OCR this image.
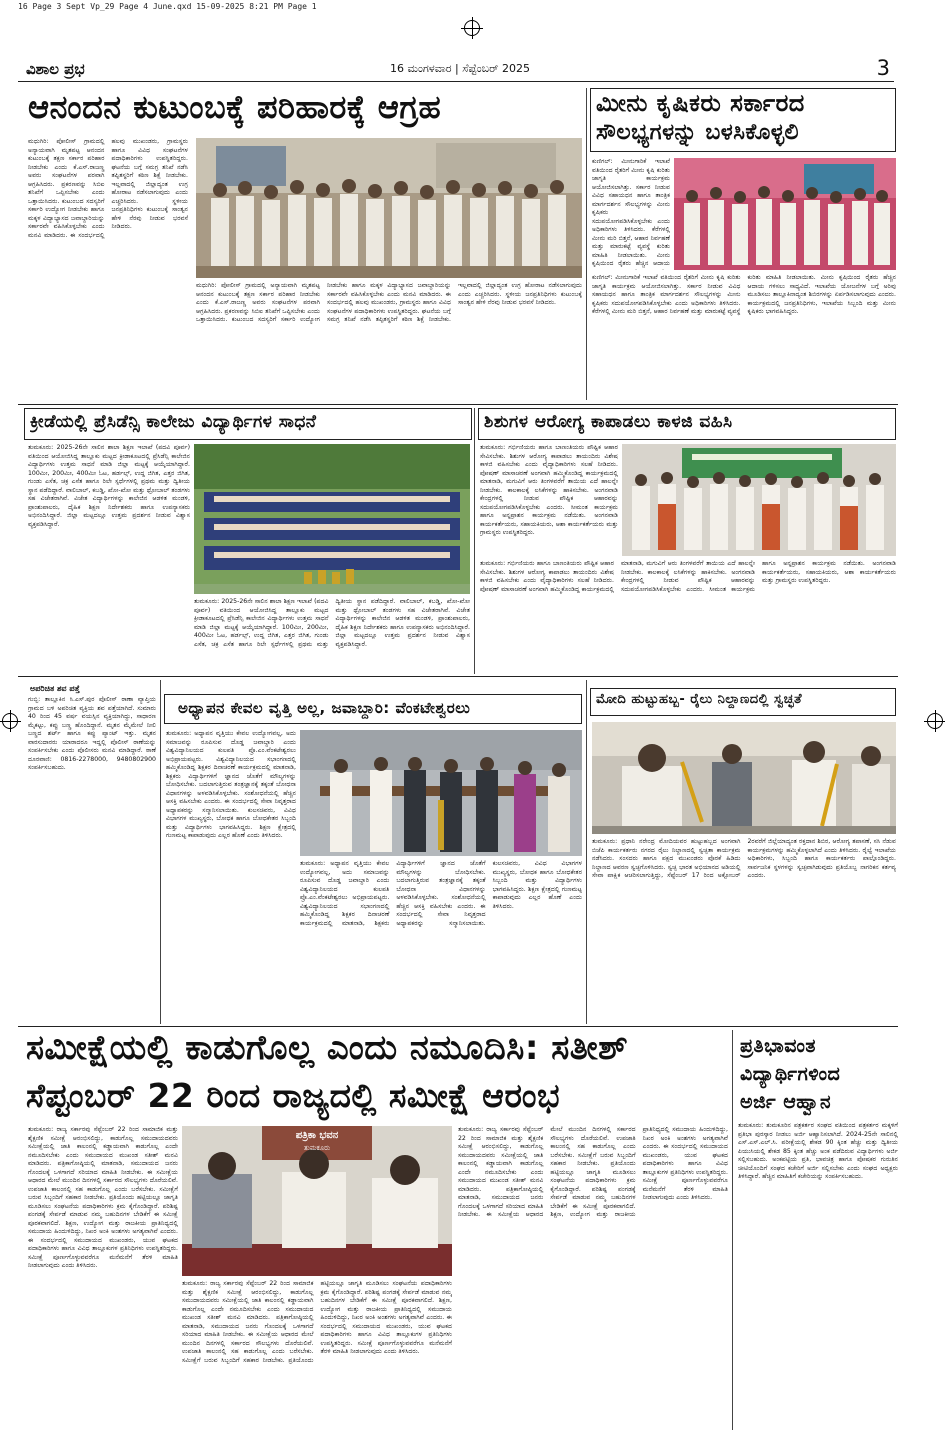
16 Page 3 Sept Vp_29 Page 4 June.qxd 15-09-2025 8:21 PM Page 1
ವಿಶಾಲ ಪ್ರಭ	16 ಮಂಗಳವಾರ | ಸೆಪ್ಟೆಂಬರ್ 2025	3
ಆನಂದನ ಕುಟುಂಬಕ್ಕೆ ಪರಿಹಾರಕ್ಕೆ ಆಗ್ರಹ
ಮಧುಗಿರಿ: ಪೋಲೀಸ್ ಗ್ರಾಮದಲ್ಲಿ ಅನ್ಯಾಯವಾಗಿ ಮೃತಪಟ್ಟ ಆನಂದನ ಕುಟುಂಬಕ್ಕೆ ತಕ್ಷಣ ಸರ್ಕಾರ ಪರಿಹಾರ ನೀಡಬೇಕು ಎಂದು ಕೆ.ಎಸ್.ರಾಜಣ್ಣ ಅವರು ಸಂಘಟನೆಗಳ ಪರವಾಗಿ ಆಗ್ರಹಿಸಿದರು. ಪ್ರಕರಣವನ್ನು ಸಿಬಿಐ ತನಿಖೆಗೆ ಒಪ್ಪಿಸಬೇಕು ಎಂದು ಒತ್ತಾಯಿಸಿದರು. ಕುಟುಂಬದ ಸದಸ್ಯರಿಗೆ ಸರ್ಕಾರಿ ಉದ್ಯೋಗ ನೀಡಬೇಕು ಹಾಗೂ ಮಕ್ಕಳ ವಿದ್ಯಾಭ್ಯಾಸದ ಜವಾಬ್ದಾರಿಯನ್ನು ಸರ್ಕಾರವೇ ವಹಿಸಿಕೊಳ್ಳಬೇಕು ಎಂದು ಮನವಿ ಮಾಡಿದರು. ಈ ಸಂದರ್ಭದಲ್ಲಿ ಹಲವು ಮುಖಂಡರು, ಗ್ರಾಮಸ್ಥರು ಹಾಗೂ ವಿವಿಧ ಸಂಘಟನೆಗಳ ಪದಾಧಿಕಾರಿಗಳು ಉಪಸ್ಥಿತರಿದ್ದರು. ಘಟನೆಯ ಬಗ್ಗೆ ಸಮಗ್ರ ತನಿಖೆ ನಡೆಸಿ ತಪ್ಪಿತಸ್ಥರಿಗೆ ಕಠಿಣ ಶಿಕ್ಷೆ ನೀಡಬೇಕು. ಇಲ್ಲವಾದಲ್ಲಿ ಜಿಲ್ಲಾದ್ಯಂತ ಉಗ್ರ ಹೋರಾಟ ನಡೆಸಲಾಗುವುದು ಎಂದು ಎಚ್ಚರಿಸಿದರು. ಸ್ಥಳೀಯ ಜನಪ್ರತಿನಿಧಿಗಳು ಕುಟುಂಬಕ್ಕೆ ಸಾಂತ್ವನ ಹೇಳಿ ನೆರವು ನೀಡುವ ಭರವಸೆ ನೀಡಿದರು.
ಮಧುಗಿರಿ: ಪೋಲೀಸ್ ಗ್ರಾಮದಲ್ಲಿ ಅನ್ಯಾಯವಾಗಿ ಮೃತಪಟ್ಟ ಆನಂದನ ಕುಟುಂಬಕ್ಕೆ ತಕ್ಷಣ ಸರ್ಕಾರ ಪರಿಹಾರ ನೀಡಬೇಕು ಎಂದು ಕೆ.ಎಸ್.ರಾಜಣ್ಣ ಅವರು ಸಂಘಟನೆಗಳ ಪರವಾಗಿ ಆಗ್ರಹಿಸಿದರು. ಪ್ರಕರಣವನ್ನು ಸಿಬಿಐ ತನಿಖೆಗೆ ಒಪ್ಪಿಸಬೇಕು ಎಂದು ಒತ್ತಾಯಿಸಿದರು. ಕುಟುಂಬದ ಸದಸ್ಯರಿಗೆ ಸರ್ಕಾರಿ ಉದ್ಯೋಗ ನೀಡಬೇಕು ಹಾಗೂ ಮಕ್ಕಳ ವಿದ್ಯಾಭ್ಯಾಸದ ಜವಾಬ್ದಾರಿಯನ್ನು ಸರ್ಕಾರವೇ ವಹಿಸಿಕೊಳ್ಳಬೇಕು ಎಂದು ಮನವಿ ಮಾಡಿದರು. ಈ ಸಂದರ್ಭದಲ್ಲಿ ಹಲವು ಮುಖಂಡರು, ಗ್ರಾಮಸ್ಥರು ಹಾಗೂ ವಿವಿಧ ಸಂಘಟನೆಗಳ ಪದಾಧಿಕಾರಿಗಳು ಉಪಸ್ಥಿತರಿದ್ದರು. ಘಟನೆಯ ಬಗ್ಗೆ ಸಮಗ್ರ ತನಿಖೆ ನಡೆಸಿ ತಪ್ಪಿತಸ್ಥರಿಗೆ ಕಠಿಣ ಶಿಕ್ಷೆ ನೀಡಬೇಕು. ಇಲ್ಲವಾದಲ್ಲಿ ಜಿಲ್ಲಾದ್ಯಂತ ಉಗ್ರ ಹೋರಾಟ ನಡೆಸಲಾಗುವುದು ಎಂದು ಎಚ್ಚರಿಸಿದರು. ಸ್ಥಳೀಯ ಜನಪ್ರತಿನಿಧಿಗಳು ಕುಟುಂಬಕ್ಕೆ ಸಾಂತ್ವನ ಹೇಳಿ ನೆರವು ನೀಡುವ ಭರವಸೆ ನೀಡಿದರು.
ಮೀನು ಕೃಷಿಕರು ಸರ್ಕಾರದ
ಸೌಲಭ್ಯಗಳನ್ನು ಬಳಸಿಕೊಳ್ಳಲಿ
ಕುಣಿಗಲ್: ಮೀನುಗಾರಿಕೆ ಇಲಾಖೆ ವತಿಯಿಂದ ರೈತರಿಗೆ ಮೀನು ಕೃಷಿ ಕುರಿತು ಜಾಗೃತಿ ಕಾರ್ಯಕ್ರಮ ಆಯೋಜಿಸಲಾಗಿತ್ತು. ಸರ್ಕಾರ ನೀಡುವ ವಿವಿಧ ಸಹಾಯಧನ ಹಾಗೂ ತಾಂತ್ರಿಕ ಮಾರ್ಗದರ್ಶನ ಸೌಲಭ್ಯಗಳನ್ನು ಮೀನು ಕೃಷಿಕರು ಸದುಪಯೋಗಪಡಿಸಿಕೊಳ್ಳಬೇಕು ಎಂದು ಅಧಿಕಾರಿಗಳು ತಿಳಿಸಿದರು. ಕೆರೆಗಳಲ್ಲಿ ಮೀನು ಮರಿ ಬಿತ್ತನೆ, ಆಹಾರ ನಿರ್ವಹಣೆ ಮತ್ತು ಮಾರುಕಟ್ಟೆ ವ್ಯವಸ್ಥೆ ಕುರಿತು ಮಾಹಿತಿ ನೀಡಲಾಯಿತು. ಮೀನು ಕೃಷಿಯಿಂದ ರೈತರು ಹೆಚ್ಚಿನ ಆದಾಯ
ಕುಣಿಗಲ್: ಮೀನುಗಾರಿಕೆ ಇಲಾಖೆ ವತಿಯಿಂದ ರೈತರಿಗೆ ಮೀನು ಕೃಷಿ ಕುರಿತು ಜಾಗೃತಿ ಕಾರ್ಯಕ್ರಮ ಆಯೋಜಿಸಲಾಗಿತ್ತು. ಸರ್ಕಾರ ನೀಡುವ ವಿವಿಧ ಸಹಾಯಧನ ಹಾಗೂ ತಾಂತ್ರಿಕ ಮಾರ್ಗದರ್ಶನ ಸೌಲಭ್ಯಗಳನ್ನು ಮೀನು ಕೃಷಿಕರು ಸದುಪಯೋಗಪಡಿಸಿಕೊಳ್ಳಬೇಕು ಎಂದು ಅಧಿಕಾರಿಗಳು ತಿಳಿಸಿದರು. ಕೆರೆಗಳಲ್ಲಿ ಮೀನು ಮರಿ ಬಿತ್ತನೆ, ಆಹಾರ ನಿರ್ವಹಣೆ ಮತ್ತು ಮಾರುಕಟ್ಟೆ ವ್ಯವಸ್ಥೆ ಕುರಿತು ಮಾಹಿತಿ ನೀಡಲಾಯಿತು. ಮೀನು ಕೃಷಿಯಿಂದ ರೈತರು ಹೆಚ್ಚಿನ ಆದಾಯ ಗಳಿಸಲು ಸಾಧ್ಯವಿದೆ. ಇಲಾಖೆಯ ಯೋಜನೆಗಳ ಬಗ್ಗೆ ಅರಿವು ಮೂಡಿಸಲು ತಾಲ್ಲೂಕಿನಾದ್ಯಂತ ಶಿಬಿರಗಳನ್ನು ಏರ್ಪಡಿಸಲಾಗುವುದು ಎಂದರು. ಕಾರ್ಯಕ್ರಮದಲ್ಲಿ ಜನಪ್ರತಿನಿಧಿಗಳು, ಇಲಾಖೆಯ ಸಿಬ್ಬಂದಿ ಮತ್ತು ಮೀನು ಕೃಷಿಕರು ಭಾಗವಹಿಸಿದ್ದರು.
ಕ್ರೀಡೆಯಲ್ಲಿ ಪ್ರೆಸಿಡೆನ್ಸಿ ಕಾಲೇಜು ವಿದ್ಯಾರ್ಥಿಗಳ ಸಾಧನೆ
ತುಮಕೂರು: 2025-26ನೇ ಸಾಲಿನ ಶಾಲಾ ಶಿಕ್ಷಣ ಇಲಾಖೆ (ಪದವಿ ಪೂರ್ವ) ವತಿಯಿಂದ ಆಯೋಜಿಸಿದ್ದ ತಾಲ್ಲೂಕು ಮಟ್ಟದ ಕ್ರೀಡಾಕೂಟದಲ್ಲಿ ಪ್ರೆಸಿಡೆನ್ಸಿ ಕಾಲೇಜಿನ ವಿದ್ಯಾರ್ಥಿಗಳು ಉತ್ತಮ ಸಾಧನೆ ಮಾಡಿ ಜಿಲ್ಲಾ ಮಟ್ಟಕ್ಕೆ ಆಯ್ಕೆಯಾಗಿದ್ದಾರೆ. 100ಮೀ, 200ಮೀ, 400ಮೀ ಓಟ, ಹರ್ಡಲ್ಸ್, ಉದ್ದ ಜಿಗಿತ, ಎತ್ತರ ಜಿಗಿತ, ಗುಂಡು ಎಸೆತ, ಚಕ್ರ ಎಸೆತ ಹಾಗೂ ರಿಲೇ ಸ್ಪರ್ಧೆಗಳಲ್ಲಿ ಪ್ರಥಮ ಮತ್ತು ದ್ವಿತೀಯ ಸ್ಥಾನ ಪಡೆದಿದ್ದಾರೆ. ವಾಲಿಬಾಲ್, ಕಬಡ್ಡಿ, ಖೋ-ಖೋ ಮತ್ತು ಥ್ರೋಬಾಲ್ ತಂಡಗಳು ಸಹ ವಿಜೇತರಾಗಿವೆ. ವಿಜೇತ ವಿದ್ಯಾರ್ಥಿಗಳನ್ನು ಕಾಲೇಜಿನ ಆಡಳಿತ ಮಂಡಳಿ, ಪ್ರಾಂಶುಪಾಲರು, ದೈಹಿಕ ಶಿಕ್ಷಣ ನಿರ್ದೇಶಕರು ಹಾಗೂ ಉಪನ್ಯಾಸಕರು ಅಭಿನಂದಿಸಿದ್ದಾರೆ. ಜಿಲ್ಲಾ ಮಟ್ಟದಲ್ಲೂ ಉತ್ತಮ ಪ್ರದರ್ಶನ ನೀಡುವ ವಿಶ್ವಾಸ ವ್ಯಕ್ತಪಡಿಸಿದ್ದಾರೆ.
ತುಮಕೂರು: 2025-26ನೇ ಸಾಲಿನ ಶಾಲಾ ಶಿಕ್ಷಣ ಇಲಾಖೆ (ಪದವಿ ಪೂರ್ವ) ವತಿಯಿಂದ ಆಯೋಜಿಸಿದ್ದ ತಾಲ್ಲೂಕು ಮಟ್ಟದ ಕ್ರೀಡಾಕೂಟದಲ್ಲಿ ಪ್ರೆಸಿಡೆನ್ಸಿ ಕಾಲೇಜಿನ ವಿದ್ಯಾರ್ಥಿಗಳು ಉತ್ತಮ ಸಾಧನೆ ಮಾಡಿ ಜಿಲ್ಲಾ ಮಟ್ಟಕ್ಕೆ ಆಯ್ಕೆಯಾಗಿದ್ದಾರೆ. 100ಮೀ, 200ಮೀ, 400ಮೀ ಓಟ, ಹರ್ಡಲ್ಸ್, ಉದ್ದ ಜಿಗಿತ, ಎತ್ತರ ಜಿಗಿತ, ಗುಂಡು ಎಸೆತ, ಚಕ್ರ ಎಸೆತ ಹಾಗೂ ರಿಲೇ ಸ್ಪರ್ಧೆಗಳಲ್ಲಿ ಪ್ರಥಮ ಮತ್ತು ದ್ವಿತೀಯ ಸ್ಥಾನ ಪಡೆದಿದ್ದಾರೆ. ವಾಲಿಬಾಲ್, ಕಬಡ್ಡಿ, ಖೋ-ಖೋ ಮತ್ತು ಥ್ರೋಬಾಲ್ ತಂಡಗಳು ಸಹ ವಿಜೇತರಾಗಿವೆ. ವಿಜೇತ ವಿದ್ಯಾರ್ಥಿಗಳನ್ನು ಕಾಲೇಜಿನ ಆಡಳಿತ ಮಂಡಳಿ, ಪ್ರಾಂಶುಪಾಲರು, ದೈಹಿಕ ಶಿಕ್ಷಣ ನಿರ್ದೇಶಕರು ಹಾಗೂ ಉಪನ್ಯಾಸಕರು ಅಭಿನಂದಿಸಿದ್ದಾರೆ. ಜಿಲ್ಲಾ ಮಟ್ಟದಲ್ಲೂ ಉತ್ತಮ ಪ್ರದರ್ಶನ ನೀಡುವ ವಿಶ್ವಾಸ ವ್ಯಕ್ತಪಡಿಸಿದ್ದಾರೆ.
ಶಿಶುಗಳ ಆರೋಗ್ಯ ಕಾಪಾಡಲು ಕಾಳಜಿ ವಹಿಸಿ
ತುಮಕೂರು: ಗರ್ಭಿಣಿಯರು ಹಾಗೂ ಬಾಣಂತಿಯರು ಪೌಷ್ಟಿಕ ಆಹಾರ ಸೇವಿಸಬೇಕು. ಶಿಶುಗಳ ಆರೋಗ್ಯ ಕಾಪಾಡಲು ತಾಯಂದಿರು ವಿಶೇಷ ಕಾಳಜಿ ವಹಿಸಬೇಕು ಎಂದು ವೈದ್ಯಾಧಿಕಾರಿಗಳು ಸಲಹೆ ನೀಡಿದರು. ಪೋಷಣ್ ಮಾಸಾಚರಣೆ ಅಂಗವಾಗಿ ಹಮ್ಮಿಕೊಂಡಿದ್ದ ಕಾರ್ಯಕ್ರಮದಲ್ಲಿ ಮಾತನಾಡಿ, ಮಗುವಿಗೆ ಆರು ತಿಂಗಳವರೆಗೆ ತಾಯಿಯ ಎದೆ ಹಾಲನ್ನೇ ನೀಡಬೇಕು. ಕಾಲಕಾಲಕ್ಕೆ ಲಸಿಕೆಗಳನ್ನು ಹಾಕಿಸಬೇಕು. ಅಂಗನವಾಡಿ ಕೇಂದ್ರಗಳಲ್ಲಿ ನೀಡುವ ಪೌಷ್ಟಿಕ ಆಹಾರವನ್ನು ಸದುಪಯೋಗಪಡಿಸಿಕೊಳ್ಳಬೇಕು ಎಂದರು. ಸೀಮಂತ ಕಾರ್ಯಕ್ರಮ ಹಾಗೂ ಅನ್ನಪ್ರಾಶನ ಕಾರ್ಯಕ್ರಮ ನಡೆಯಿತು. ಅಂಗನವಾಡಿ ಕಾರ್ಯಕರ್ತೆಯರು, ಸಹಾಯಕಿಯರು, ಆಶಾ ಕಾರ್ಯಕರ್ತೆಯರು ಮತ್ತು ಗ್ರಾಮಸ್ಥರು ಉಪಸ್ಥಿತರಿದ್ದರು.
ತುಮಕೂರು: ಗರ್ಭಿಣಿಯರು ಹಾಗೂ ಬಾಣಂತಿಯರು ಪೌಷ್ಟಿಕ ಆಹಾರ ಸೇವಿಸಬೇಕು. ಶಿಶುಗಳ ಆರೋಗ್ಯ ಕಾಪಾಡಲು ತಾಯಂದಿರು ವಿಶೇಷ ಕಾಳಜಿ ವಹಿಸಬೇಕು ಎಂದು ವೈದ್ಯಾಧಿಕಾರಿಗಳು ಸಲಹೆ ನೀಡಿದರು. ಪೋಷಣ್ ಮಾಸಾಚರಣೆ ಅಂಗವಾಗಿ ಹಮ್ಮಿಕೊಂಡಿದ್ದ ಕಾರ್ಯಕ್ರಮದಲ್ಲಿ ಮಾತನಾಡಿ, ಮಗುವಿಗೆ ಆರು ತಿಂಗಳವರೆಗೆ ತಾಯಿಯ ಎದೆ ಹಾಲನ್ನೇ ನೀಡಬೇಕು. ಕಾಲಕಾಲಕ್ಕೆ ಲಸಿಕೆಗಳನ್ನು ಹಾಕಿಸಬೇಕು. ಅಂಗನವಾಡಿ ಕೇಂದ್ರಗಳಲ್ಲಿ ನೀಡುವ ಪೌಷ್ಟಿಕ ಆಹಾರವನ್ನು ಸದುಪಯೋಗಪಡಿಸಿಕೊಳ್ಳಬೇಕು ಎಂದರು. ಸೀಮಂತ ಕಾರ್ಯಕ್ರಮ ಹಾಗೂ ಅನ್ನಪ್ರಾಶನ ಕಾರ್ಯಕ್ರಮ ನಡೆಯಿತು. ಅಂಗನವಾಡಿ ಕಾರ್ಯಕರ್ತೆಯರು, ಸಹಾಯಕಿಯರು, ಆಶಾ ಕಾರ್ಯಕರ್ತೆಯರು ಮತ್ತು ಗ್ರಾಮಸ್ಥರು ಉಪಸ್ಥಿತರಿದ್ದರು.
ಅಪರಿಚಿತ ಶವ ಪತ್ತೆ
ಗುಬ್ಬಿ: ತಾಲ್ಲೂಕಿನ ಸಿ.ಎಸ್.ಪುರ ಪೊಲೀಸ್ ಠಾಣಾ ವ್ಯಾಪ್ತಿಯ ಗ್ರಾಮದ ಬಳಿ ಅಪರಿಚಿತ ವ್ಯಕ್ತಿಯ ಶವ ಪತ್ತೆಯಾಗಿದೆ. ಸುಮಾರು 40 ರಿಂದ 45 ವರ್ಷ ವಯಸ್ಸಿನ ವ್ಯಕ್ತಿಯಾಗಿದ್ದು, ಸಾಧಾರಣ ಮೈಕಟ್ಟು, ಕಪ್ಪು ಬಣ್ಣ ಹೊಂದಿದ್ದಾನೆ. ಮೃತನ ಮೈಮೇಲೆ ನೀಲಿ ಬಣ್ಣದ ಶರ್ಟ್ ಹಾಗೂ ಕಪ್ಪು ಪ್ಯಾಂಟ್ ಇತ್ತು. ಮೃತನ ವಾರಸುದಾರರು ಯಾರಾದರೂ ಇದ್ದಲ್ಲಿ ಪೊಲೀಸ್ ಠಾಣೆಯನ್ನು ಸಂಪರ್ಕಿಸಬೇಕು ಎಂದು ಪೊಲೀಸರು ಮನವಿ ಮಾಡಿದ್ದಾರೆ. ಠಾಣೆ ದೂರವಾಣಿ: 0816-2278000, 9480802900 ಸಂಪರ್ಕಿಸಬಹುದು.
ಅಧ್ಯಾಪನ ಕೇವಲ ವೃತ್ತಿ ಅಲ್ಲ, ಜವಾಬ್ದಾರಿ: ವೆಂಕಟೇಶ್ವರಲು
ತುಮಕೂರು: ಅಧ್ಯಾಪನ ವೃತ್ತಿಯು ಕೇವಲ ಉದ್ಯೋಗವಲ್ಲ, ಅದು ಸಮಾಜವನ್ನು ರೂಪಿಸುವ ದೊಡ್ಡ ಜವಾಬ್ದಾರಿ ಎಂದು ವಿಶ್ವವಿದ್ಯಾನಿಲಯದ ಕುಲಪತಿ ಪ್ರೊ.ಎಂ.ವೆಂಕಟೇಶ್ವರಲು ಅಭಿಪ್ರಾಯಪಟ್ಟರು. ವಿಶ್ವವಿದ್ಯಾನಿಲಯದ ಸಭಾಂಗಣದಲ್ಲಿ ಹಮ್ಮಿಕೊಂಡಿದ್ದ ಶಿಕ್ಷಕರ ದಿನಾಚರಣೆ ಕಾರ್ಯಕ್ರಮದಲ್ಲಿ ಮಾತನಾಡಿ, ಶಿಕ್ಷಕರು ವಿದ್ಯಾರ್ಥಿಗಳಿಗೆ ಜ್ಞಾನದ ಜೊತೆಗೆ ಮೌಲ್ಯಗಳನ್ನು ಬೋಧಿಸಬೇಕು. ಬದಲಾಗುತ್ತಿರುವ ತಂತ್ರಜ್ಞಾನಕ್ಕೆ ತಕ್ಕಂತೆ ಬೋಧನಾ ವಿಧಾನಗಳನ್ನು ಅಳವಡಿಸಿಕೊಳ್ಳಬೇಕು. ಸಂಶೋಧನೆಯಲ್ಲಿ ಹೆಚ್ಚಿನ ಆಸಕ್ತಿ ವಹಿಸಬೇಕು ಎಂದರು. ಈ ಸಂದರ್ಭದಲ್ಲಿ ಸೇವಾ ನಿವೃತ್ತರಾದ ಅಧ್ಯಾಪಕರನ್ನು ಸನ್ಮಾನಿಸಲಾಯಿತು. ಕುಲಸಚಿವರು, ವಿವಿಧ ವಿಭಾಗಗಳ ಮುಖ್ಯಸ್ಥರು, ಬೋಧಕ ಹಾಗೂ ಬೋಧಕೇತರ ಸಿಬ್ಬಂದಿ ಮತ್ತು ವಿದ್ಯಾರ್ಥಿಗಳು ಭಾಗವಹಿಸಿದ್ದರು. ಶಿಕ್ಷಣ ಕ್ಷೇತ್ರದಲ್ಲಿ ಗುಣಮಟ್ಟ ಕಾಪಾಡುವುದು ಎಲ್ಲರ ಹೊಣೆ ಎಂದು ತಿಳಿಸಿದರು.
ತುಮಕೂರು: ಅಧ್ಯಾಪನ ವೃತ್ತಿಯು ಕೇವಲ ಉದ್ಯೋಗವಲ್ಲ, ಅದು ಸಮಾಜವನ್ನು ರೂಪಿಸುವ ದೊಡ್ಡ ಜವಾಬ್ದಾರಿ ಎಂದು ವಿಶ್ವವಿದ್ಯಾನಿಲಯದ ಕುಲಪತಿ ಪ್ರೊ.ಎಂ.ವೆಂಕಟೇಶ್ವರಲು ಅಭಿಪ್ರಾಯಪಟ್ಟರು. ವಿಶ್ವವಿದ್ಯಾನಿಲಯದ ಸಭಾಂಗಣದಲ್ಲಿ ಹಮ್ಮಿಕೊಂಡಿದ್ದ ಶಿಕ್ಷಕರ ದಿನಾಚರಣೆ ಕಾರ್ಯಕ್ರಮದಲ್ಲಿ ಮಾತನಾಡಿ, ಶಿಕ್ಷಕರು ವಿದ್ಯಾರ್ಥಿಗಳಿಗೆ ಜ್ಞಾನದ ಜೊತೆಗೆ ಮೌಲ್ಯಗಳನ್ನು ಬೋಧಿಸಬೇಕು. ಬದಲಾಗುತ್ತಿರುವ ತಂತ್ರಜ್ಞಾನಕ್ಕೆ ತಕ್ಕಂತೆ ಬೋಧನಾ ವಿಧಾನಗಳನ್ನು ಅಳವಡಿಸಿಕೊಳ್ಳಬೇಕು. ಸಂಶೋಧನೆಯಲ್ಲಿ ಹೆಚ್ಚಿನ ಆಸಕ್ತಿ ವಹಿಸಬೇಕು ಎಂದರು. ಈ ಸಂದರ್ಭದಲ್ಲಿ ಸೇವಾ ನಿವೃತ್ತರಾದ ಅಧ್ಯಾಪಕರನ್ನು ಸನ್ಮಾನಿಸಲಾಯಿತು. ಕುಲಸಚಿವರು, ವಿವಿಧ ವಿಭಾಗಗಳ ಮುಖ್ಯಸ್ಥರು, ಬೋಧಕ ಹಾಗೂ ಬೋಧಕೇತರ ಸಿಬ್ಬಂದಿ ಮತ್ತು ವಿದ್ಯಾರ್ಥಿಗಳು ಭಾಗವಹಿಸಿದ್ದರು. ಶಿಕ್ಷಣ ಕ್ಷೇತ್ರದಲ್ಲಿ ಗುಣಮಟ್ಟ ಕಾಪಾಡುವುದು ಎಲ್ಲರ ಹೊಣೆ ಎಂದು ತಿಳಿಸಿದರು.
ಮೋದಿ ಹುಟ್ಟುಹಬ್ಬ- ರೈಲು ನಿಲ್ದಾಣದಲ್ಲಿ ಸ್ವಚ್ಛತೆ
ತುಮಕೂರು: ಪ್ರಧಾನಿ ನರೇಂದ್ರ ಮೋದಿಯವರ ಹುಟ್ಟುಹಬ್ಬದ ಅಂಗವಾಗಿ ಬಿಜೆಪಿ ಕಾರ್ಯಕರ್ತರು ನಗರದ ರೈಲು ನಿಲ್ದಾಣದಲ್ಲಿ ಸ್ವಚ್ಛತಾ ಕಾರ್ಯಕ್ರಮ ನಡೆಸಿದರು. ಸಂಸದರು ಹಾಗೂ ಪಕ್ಷದ ಮುಖಂಡರು ಪೊರಕೆ ಹಿಡಿದು ನಿಲ್ದಾಣದ ಆವರಣ ಸ್ವಚ್ಛಗೊಳಿಸಿದರು. ಸ್ವಚ್ಛ ಭಾರತ ಅಭಿಯಾನದ ಅಡಿಯಲ್ಲಿ ಸೇವಾ ಪಾಕ್ಷಿಕ ಆಚರಿಸಲಾಗುತ್ತಿದ್ದು, ಸೆಪ್ಟೆಂಬರ್ 17 ರಿಂದ ಅಕ್ಟೋಬರ್ 2ರವರೆಗೆ ಜಿಲ್ಲೆಯಾದ್ಯಂತ ರಕ್ತದಾನ ಶಿಬಿರ, ಆರೋಗ್ಯ ತಪಾಸಣೆ, ಸಸಿ ನೆಡುವ ಕಾರ್ಯಕ್ರಮಗಳನ್ನು ಹಮ್ಮಿಕೊಳ್ಳಲಾಗಿದೆ ಎಂದು ತಿಳಿಸಿದರು. ರೈಲ್ವೆ ಇಲಾಖೆಯ ಅಧಿಕಾರಿಗಳು, ಸಿಬ್ಬಂದಿ ಹಾಗೂ ಕಾರ್ಯಕರ್ತರು ಪಾಲ್ಗೊಂಡಿದ್ದರು. ಸಾರ್ವಜನಿಕ ಸ್ಥಳಗಳನ್ನು ಸ್ವಚ್ಛವಾಗಿಡುವುದು ಪ್ರತಿಯೊಬ್ಬ ನಾಗರಿಕನ ಕರ್ತವ್ಯ ಎಂದರು.
ಸಮೀಕ್ಷೆಯಲ್ಲಿ ಕಾಡುಗೊಲ್ಲ ಎಂದು ನಮೂದಿಸಿ: ಸತೀಶ್
ಸೆಪ್ಟಂಬರ್ 22 ರಿಂದ ರಾಜ್ಯದಲ್ಲಿ ಸಮೀಕ್ಷೆ ಆರಂಭ
ತುಮಕೂರು: ರಾಜ್ಯ ಸರ್ಕಾರವು ಸೆಪ್ಟೆಂಬರ್ 22 ರಿಂದ ಸಾಮಾಜಿಕ ಮತ್ತು ಶೈಕ್ಷಣಿಕ ಸಮೀಕ್ಷೆ ಆರಂಭಿಸಲಿದ್ದು, ಕಾಡುಗೊಲ್ಲ ಸಮುದಾಯದವರು ಸಮೀಕ್ಷೆಯಲ್ಲಿ ಜಾತಿ ಕಾಲಂನಲ್ಲಿ ಕಡ್ಡಾಯವಾಗಿ ಕಾಡುಗೊಲ್ಲ ಎಂದೇ ನಮೂದಿಸಬೇಕು ಎಂದು ಸಮುದಾಯದ ಮುಖಂಡ ಸತೀಶ್ ಮನವಿ ಮಾಡಿದರು. ಪತ್ರಿಕಾಗೋಷ್ಠಿಯಲ್ಲಿ ಮಾತನಾಡಿ, ಸಮುದಾಯದ ಜನರು ಗೊಂದಲಕ್ಕೆ ಒಳಗಾಗದೆ ಸರಿಯಾದ ಮಾಹಿತಿ ನೀಡಬೇಕು. ಈ ಸಮೀಕ್ಷೆಯ ಆಧಾರದ ಮೇಲೆ ಮುಂದಿನ ದಿನಗಳಲ್ಲಿ ಸರ್ಕಾರದ ಸೌಲಭ್ಯಗಳು ದೊರೆಯಲಿವೆ. ಉಪಜಾತಿ ಕಾಲಂನಲ್ಲಿ ಸಹ ಕಾಡುಗೊಲ್ಲ ಎಂದು ಬರೆಸಬೇಕು. ಸಮೀಕ್ಷೆಗೆ ಬರುವ ಸಿಬ್ಬಂದಿಗೆ ಸಹಕಾರ ನೀಡಬೇಕು. ಪ್ರತಿಯೊಂದು ಹಟ್ಟಿಯಲ್ಲೂ ಜಾಗೃತಿ ಮೂಡಿಸಲು ಸಂಘಟನೆಯ ಪದಾಧಿಕಾರಿಗಳು ಕ್ರಮ ಕೈಗೊಂಡಿದ್ದಾರೆ. ಪರಿಶಿಷ್ಟ ಪಂಗಡಕ್ಕೆ ಸೇರ್ಪಡೆ ಮಾಡುವ ನಮ್ಮ ಬಹುದಿನಗಳ ಬೇಡಿಕೆಗೆ ಈ ಸಮೀಕ್ಷೆ ಪೂರಕವಾಗಲಿದೆ. ಶಿಕ್ಷಣ, ಉದ್ಯೋಗ ಮತ್ತು ರಾಜಕೀಯ ಪ್ರಾತಿನಿಧ್ಯದಲ್ಲಿ ಸಮುದಾಯ ಹಿಂದುಳಿದಿದ್ದು, ನಿಖರ ಅಂಕಿ ಅಂಶಗಳು ಅಗತ್ಯವಾಗಿವೆ ಎಂದರು. ಈ ಸಂದರ್ಭದಲ್ಲಿ ಸಮುದಾಯದ ಮುಖಂಡರು, ಯುವ ಘಟಕದ ಪದಾಧಿಕಾರಿಗಳು ಹಾಗೂ ವಿವಿಧ ತಾಲ್ಲೂಕುಗಳ ಪ್ರತಿನಿಧಿಗಳು ಉಪಸ್ಥಿತರಿದ್ದರು. ಸಮೀಕ್ಷೆ ಪೂರ್ಣಗೊಳ್ಳುವವರೆಗೂ ಮನೆಮನೆಗೆ ತೆರಳಿ ಮಾಹಿತಿ ನೀಡಲಾಗುವುದು ಎಂದು ತಿಳಿಸಿದರು.
ಪತ್ರಿಕಾ ಭವನ
ತುಮಕೂರು
ತುಮಕೂರು: ರಾಜ್ಯ ಸರ್ಕಾರವು ಸೆಪ್ಟೆಂಬರ್ 22 ರಿಂದ ಸಾಮಾಜಿಕ ಮತ್ತು ಶೈಕ್ಷಣಿಕ ಸಮೀಕ್ಷೆ ಆರಂಭಿಸಲಿದ್ದು, ಕಾಡುಗೊಲ್ಲ ಸಮುದಾಯದವರು ಸಮೀಕ್ಷೆಯಲ್ಲಿ ಜಾತಿ ಕಾಲಂನಲ್ಲಿ ಕಡ್ಡಾಯವಾಗಿ ಕಾಡುಗೊಲ್ಲ ಎಂದೇ ನಮೂದಿಸಬೇಕು ಎಂದು ಸಮುದಾಯದ ಮುಖಂಡ ಸತೀಶ್ ಮನವಿ ಮಾಡಿದರು. ಪತ್ರಿಕಾಗೋಷ್ಠಿಯಲ್ಲಿ ಮಾತನಾಡಿ, ಸಮುದಾಯದ ಜನರು ಗೊಂದಲಕ್ಕೆ ಒಳಗಾಗದೆ ಸರಿಯಾದ ಮಾಹಿತಿ ನೀಡಬೇಕು. ಈ ಸಮೀಕ್ಷೆಯ ಆಧಾರದ ಮೇಲೆ ಮುಂದಿನ ದಿನಗಳಲ್ಲಿ ಸರ್ಕಾರದ ಸೌಲಭ್ಯಗಳು ದೊರೆಯಲಿವೆ. ಉಪಜಾತಿ ಕಾಲಂನಲ್ಲಿ ಸಹ ಕಾಡುಗೊಲ್ಲ ಎಂದು ಬರೆಸಬೇಕು. ಸಮೀಕ್ಷೆಗೆ ಬರುವ ಸಿಬ್ಬಂದಿಗೆ ಸಹಕಾರ ನೀಡಬೇಕು. ಪ್ರತಿಯೊಂದು ಹಟ್ಟಿಯಲ್ಲೂ ಜಾಗೃತಿ ಮೂಡಿಸಲು ಸಂಘಟನೆಯ ಪದಾಧಿಕಾರಿಗಳು ಕ್ರಮ ಕೈಗೊಂಡಿದ್ದಾರೆ. ಪರಿಶಿಷ್ಟ ಪಂಗಡಕ್ಕೆ ಸೇರ್ಪಡೆ ಮಾಡುವ ನಮ್ಮ ಬಹುದಿನಗಳ ಬೇಡಿಕೆಗೆ ಈ ಸಮೀಕ್ಷೆ ಪೂರಕವಾಗಲಿದೆ. ಶಿಕ್ಷಣ, ಉದ್ಯೋಗ ಮತ್ತು ರಾಜಕೀಯ ಪ್ರಾತಿನಿಧ್ಯದಲ್ಲಿ ಸಮುದಾಯ ಹಿಂದುಳಿದಿದ್ದು, ನಿಖರ ಅಂಕಿ ಅಂಶಗಳು ಅಗತ್ಯವಾಗಿವೆ ಎಂದರು. ಈ ಸಂದರ್ಭದಲ್ಲಿ ಸಮುದಾಯದ ಮುಖಂಡರು, ಯುವ ಘಟಕದ ಪದಾಧಿಕಾರಿಗಳು ಹಾಗೂ ವಿವಿಧ ತಾಲ್ಲೂಕುಗಳ ಪ್ರತಿನಿಧಿಗಳು ಉಪಸ್ಥಿತರಿದ್ದರು. ಸಮೀಕ್ಷೆ ಪೂರ್ಣಗೊಳ್ಳುವವರೆಗೂ ಮನೆಮನೆಗೆ ತೆರಳಿ ಮಾಹಿತಿ ನೀಡಲಾಗುವುದು ಎಂದು ತಿಳಿಸಿದರು.
ತುಮಕೂರು: ರಾಜ್ಯ ಸರ್ಕಾರವು ಸೆಪ್ಟೆಂಬರ್ 22 ರಿಂದ ಸಾಮಾಜಿಕ ಮತ್ತು ಶೈಕ್ಷಣಿಕ ಸಮೀಕ್ಷೆ ಆರಂಭಿಸಲಿದ್ದು, ಕಾಡುಗೊಲ್ಲ ಸಮುದಾಯದವರು ಸಮೀಕ್ಷೆಯಲ್ಲಿ ಜಾತಿ ಕಾಲಂನಲ್ಲಿ ಕಡ್ಡಾಯವಾಗಿ ಕಾಡುಗೊಲ್ಲ ಎಂದೇ ನಮೂದಿಸಬೇಕು ಎಂದು ಸಮುದಾಯದ ಮುಖಂಡ ಸತೀಶ್ ಮನವಿ ಮಾಡಿದರು. ಪತ್ರಿಕಾಗೋಷ್ಠಿಯಲ್ಲಿ ಮಾತನಾಡಿ, ಸಮುದಾಯದ ಜನರು ಗೊಂದಲಕ್ಕೆ ಒಳಗಾಗದೆ ಸರಿಯಾದ ಮಾಹಿತಿ ನೀಡಬೇಕು. ಈ ಸಮೀಕ್ಷೆಯ ಆಧಾರದ ಮೇಲೆ ಮುಂದಿನ ದಿನಗಳಲ್ಲಿ ಸರ್ಕಾರದ ಸೌಲಭ್ಯಗಳು ದೊರೆಯಲಿವೆ. ಉಪಜಾತಿ ಕಾಲಂನಲ್ಲಿ ಸಹ ಕಾಡುಗೊಲ್ಲ ಎಂದು ಬರೆಸಬೇಕು. ಸಮೀಕ್ಷೆಗೆ ಬರುವ ಸಿಬ್ಬಂದಿಗೆ ಸಹಕಾರ ನೀಡಬೇಕು. ಪ್ರತಿಯೊಂದು ಹಟ್ಟಿಯಲ್ಲೂ ಜಾಗೃತಿ ಮೂಡಿಸಲು ಸಂಘಟನೆಯ ಪದಾಧಿಕಾರಿಗಳು ಕ್ರಮ ಕೈಗೊಂಡಿದ್ದಾರೆ. ಪರಿಶಿಷ್ಟ ಪಂಗಡಕ್ಕೆ ಸೇರ್ಪಡೆ ಮಾಡುವ ನಮ್ಮ ಬಹುದಿನಗಳ ಬೇಡಿಕೆಗೆ ಈ ಸಮೀಕ್ಷೆ ಪೂರಕವಾಗಲಿದೆ. ಶಿಕ್ಷಣ, ಉದ್ಯೋಗ ಮತ್ತು ರಾಜಕೀಯ ಪ್ರಾತಿನಿಧ್ಯದಲ್ಲಿ ಸಮುದಾಯ ಹಿಂದುಳಿದಿದ್ದು, ನಿಖರ ಅಂಕಿ ಅಂಶಗಳು ಅಗತ್ಯವಾಗಿವೆ ಎಂದರು. ಈ ಸಂದರ್ಭದಲ್ಲಿ ಸಮುದಾಯದ ಮುಖಂಡರು, ಯುವ ಘಟಕದ ಪದಾಧಿಕಾರಿಗಳು ಹಾಗೂ ವಿವಿಧ ತಾಲ್ಲೂಕುಗಳ ಪ್ರತಿನಿಧಿಗಳು ಉಪಸ್ಥಿತರಿದ್ದರು. ಸಮೀಕ್ಷೆ ಪೂರ್ಣಗೊಳ್ಳುವವರೆಗೂ ಮನೆಮನೆಗೆ ತೆರಳಿ ಮಾಹಿತಿ ನೀಡಲಾಗುವುದು ಎಂದು ತಿಳಿಸಿದರು.
ಪ್ರತಿಭಾವಂತ
ವಿದ್ಯಾರ್ಥಿಗಳಿಂದ
ಅರ್ಜಿ ಆಹ್ವಾನ
ತುಮಕೂರು: ತುಮಕೂರಿನ ಪತ್ರಕರ್ತರ ಸಂಘದ ವತಿಯಿಂದ ಪತ್ರಕರ್ತರ ಮಕ್ಕಳಿಗೆ ಪ್ರತಿಭಾ ಪುರಸ್ಕಾರ ನೀಡಲು ಅರ್ಜಿ ಆಹ್ವಾನಿಸಲಾಗಿದೆ. 2024-25ನೇ ಸಾಲಿನಲ್ಲಿ ಎಸ್.ಎಸ್.ಎಲ್.ಸಿ. ಪರೀಕ್ಷೆಯಲ್ಲಿ ಶೇಕಡ 90 ಕ್ಕಿಂತ ಹೆಚ್ಚು ಮತ್ತು ದ್ವಿತೀಯ ಪಿಯುಸಿಯಲ್ಲಿ ಶೇಕಡ 85 ಕ್ಕಿಂತ ಹೆಚ್ಚು ಅಂಕ ಪಡೆದಿರುವ ವಿದ್ಯಾರ್ಥಿಗಳು ಅರ್ಜಿ ಸಲ್ಲಿಸಬಹುದು. ಅಂಕಪಟ್ಟಿಯ ಪ್ರತಿ, ಭಾವಚಿತ್ರ ಹಾಗೂ ಪೋಷಕರ ಗುರುತಿನ ಚೀಟಿಯೊಂದಿಗೆ ಸಂಘದ ಕಚೇರಿಗೆ ಅರ್ಜಿ ಸಲ್ಲಿಸಬೇಕು ಎಂದು ಸಂಘದ ಅಧ್ಯಕ್ಷರು ತಿಳಿಸಿದ್ದಾರೆ. ಹೆಚ್ಚಿನ ಮಾಹಿತಿಗೆ ಕಚೇರಿಯನ್ನು ಸಂಪರ್ಕಿಸಬಹುದು.
